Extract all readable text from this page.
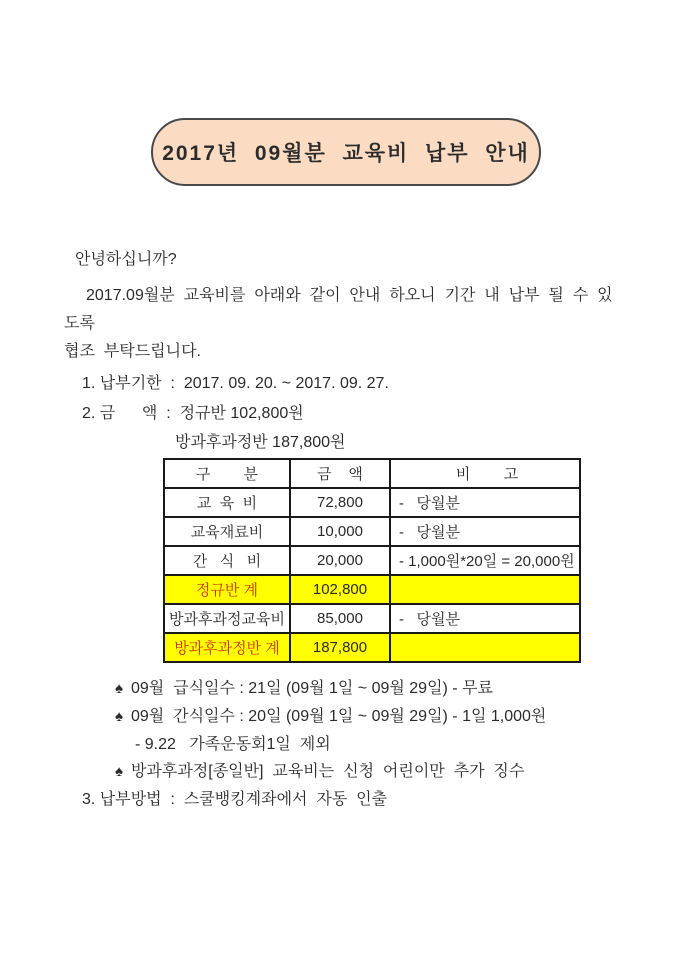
2017년  09월분  교육비  납부  안내
안녕하십니까?
2017.09월분  교육비를  아래와  같이  안내  하오니  기간  내  납부  될  수  있도록
협조  부탁드립니다.
1. 납부기한  :  2017. 09. 20. ~ 2017. 09. 27.
2. 금      액  :  정규반 102,800원
방과후과정반 187,800원
구        분	금    액	비        고
교  육  비	72,800	-   당월분
교육재료비	10,000	-   당월분
간   식   비	20,000	- 1,000원*20일 = 20,000원
정규반 계	102,800	
방과후과정교육비	85,000	-   당월분
방과후과정반 계	187,800	
♠ 09월  급식일수 : 21일 (09월 1일 ~ 09월 29일) - 무료
♠ 09월  간식일수 : 20일 (09월 1일 ~ 09월 29일) - 1일 1,000원
- 9.22   가족운동회1일  제외
♠ 방과후과정[종일반]  교육비는  신청  어린이만  추가  징수
3. 납부방법  :  스쿨뱅킹계좌에서  자동  인출
